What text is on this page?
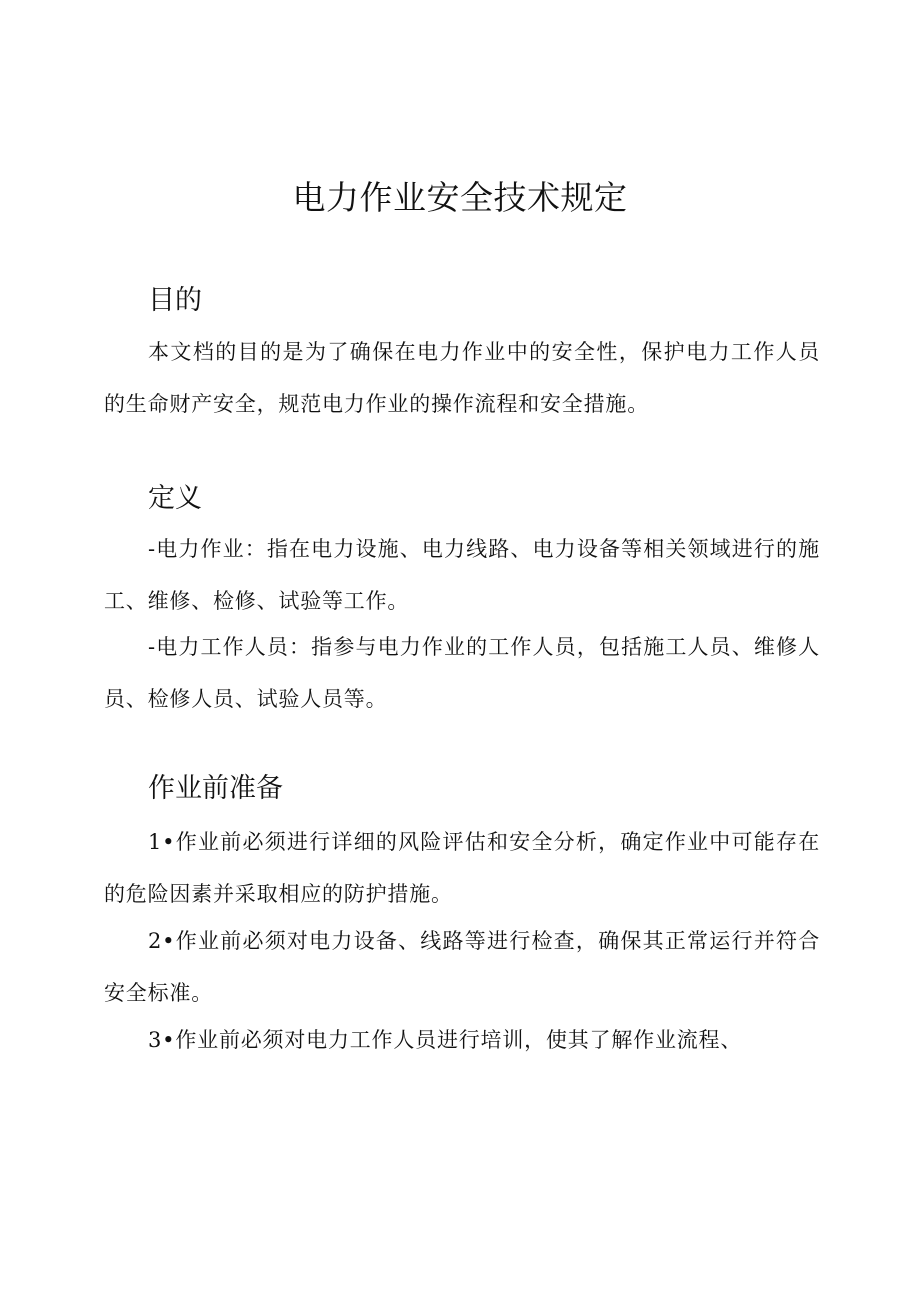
电力作业安全技术规定
目的

本文档的目的是为了确保在电力作业中的安全性，保护电力工作人员的生命财产安全，规范电力作业的操作流程和安全措施。

定义

-电力作业：指在电力设施、电力线路、电力设备等相关领域进行的施工、维修、检修、试验等工作。

-电力工作人员：指参与电力作业的工作人员，包括施工人员、维修人员、检修人员、试验人员等。

作业前准备

1•作业前必须进行详细的风险评估和安全分析，确定作业中可能存在的危险因素并采取相应的防护措施。

2•作业前必须对电力设备、线路等进行检查，确保其正常运行并符合安全标准。

3•作业前必须对电力工作人员进行培训，使其了解作业流程、
